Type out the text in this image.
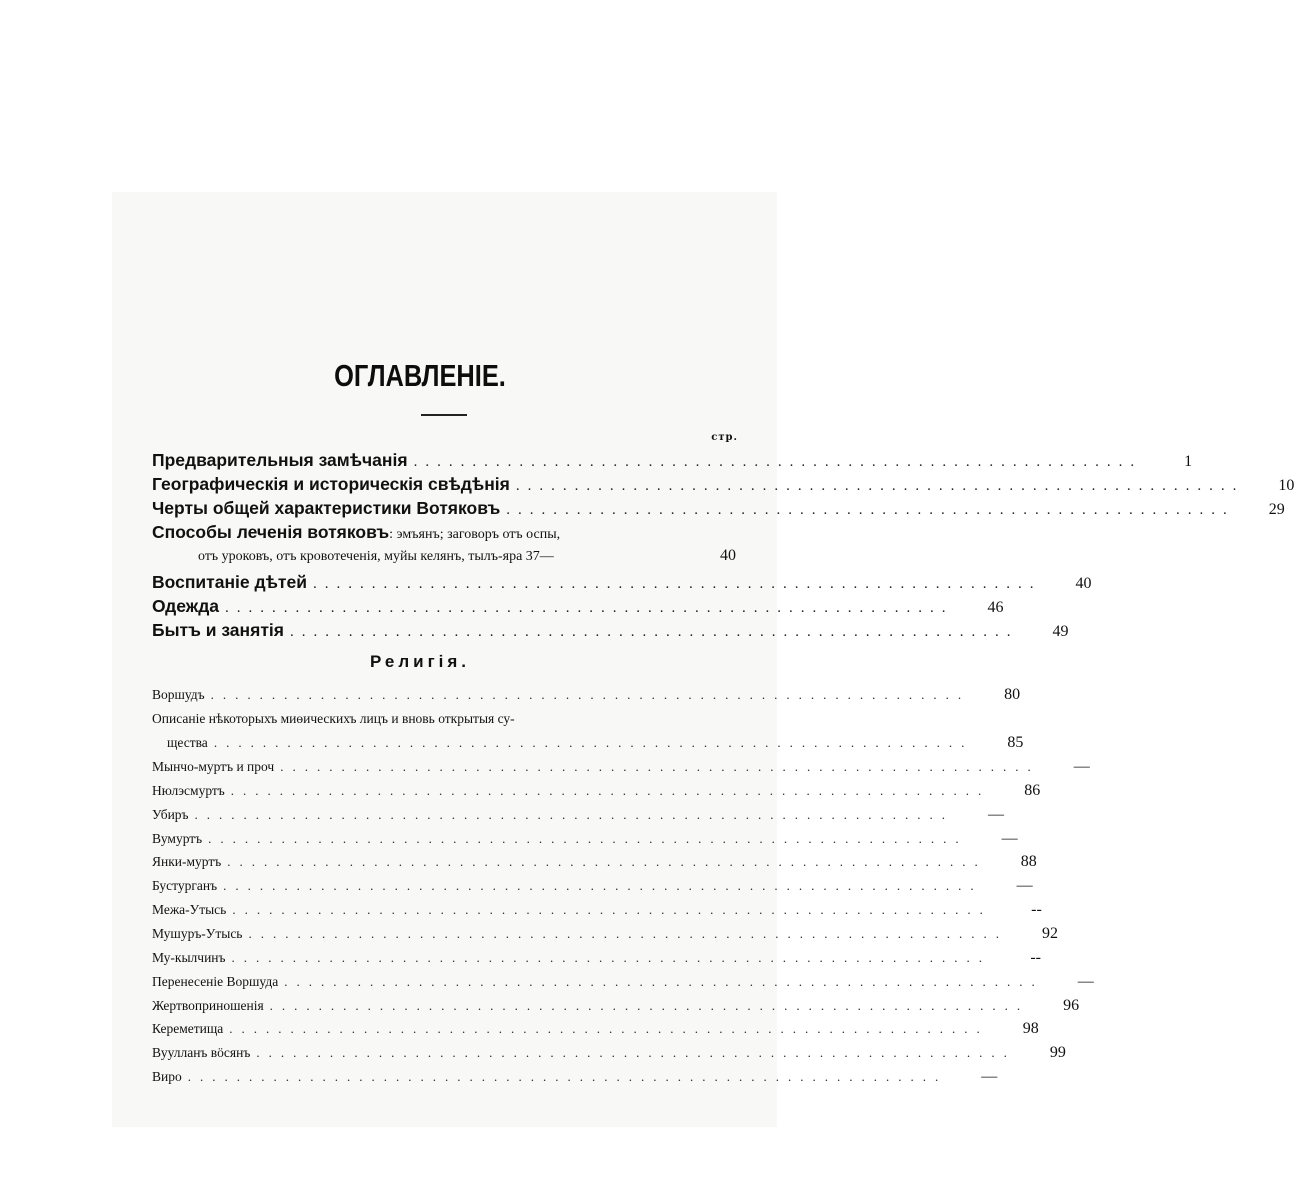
ОГЛАВЛЕНІЕ.
стр.
Предварительныя замѣчанія ..............................................................	1
Географическія и историческія свѣдѣнія ..............................................................	10
Черты общей характеристики Вотяковъ ..............................................................	29
Способы леченія вотяковъ : эмъянъ; заговоръ отъ оспы,
отъ уроковъ, отъ кровотеченія, муйы келянъ, тылъ-яра 37—	40
Воспитаніе дѣтей ..............................................................	40
Одежда ..............................................................	46
Бытъ и занятія ..............................................................	49
Религія.
Воршудъ ..............................................................	80
Описаніе нѣкоторыхъ миѳическихъ лицъ и вновь открытыя су-
щества ..............................................................	85
Мынчо-муртъ и проч ..............................................................	—
Нюлэсмуртъ ..............................................................	86
Убиръ ..............................................................	—
Вумуртъ ..............................................................	—
Янки-муртъ ..............................................................	88
Бустурганъ ..............................................................	—
Межа-Утысь ..............................................................	--
Мушуръ-Утысь ..............................................................	92
Му-кылчинъ ..............................................................	--
Перенесеніе Воршуда ..............................................................	—
Жертвоприношенія ..............................................................	96
Кереметища ..............................................................	98
Вуулланъ вӧсянъ ..............................................................	99
Виро ..............................................................	—
